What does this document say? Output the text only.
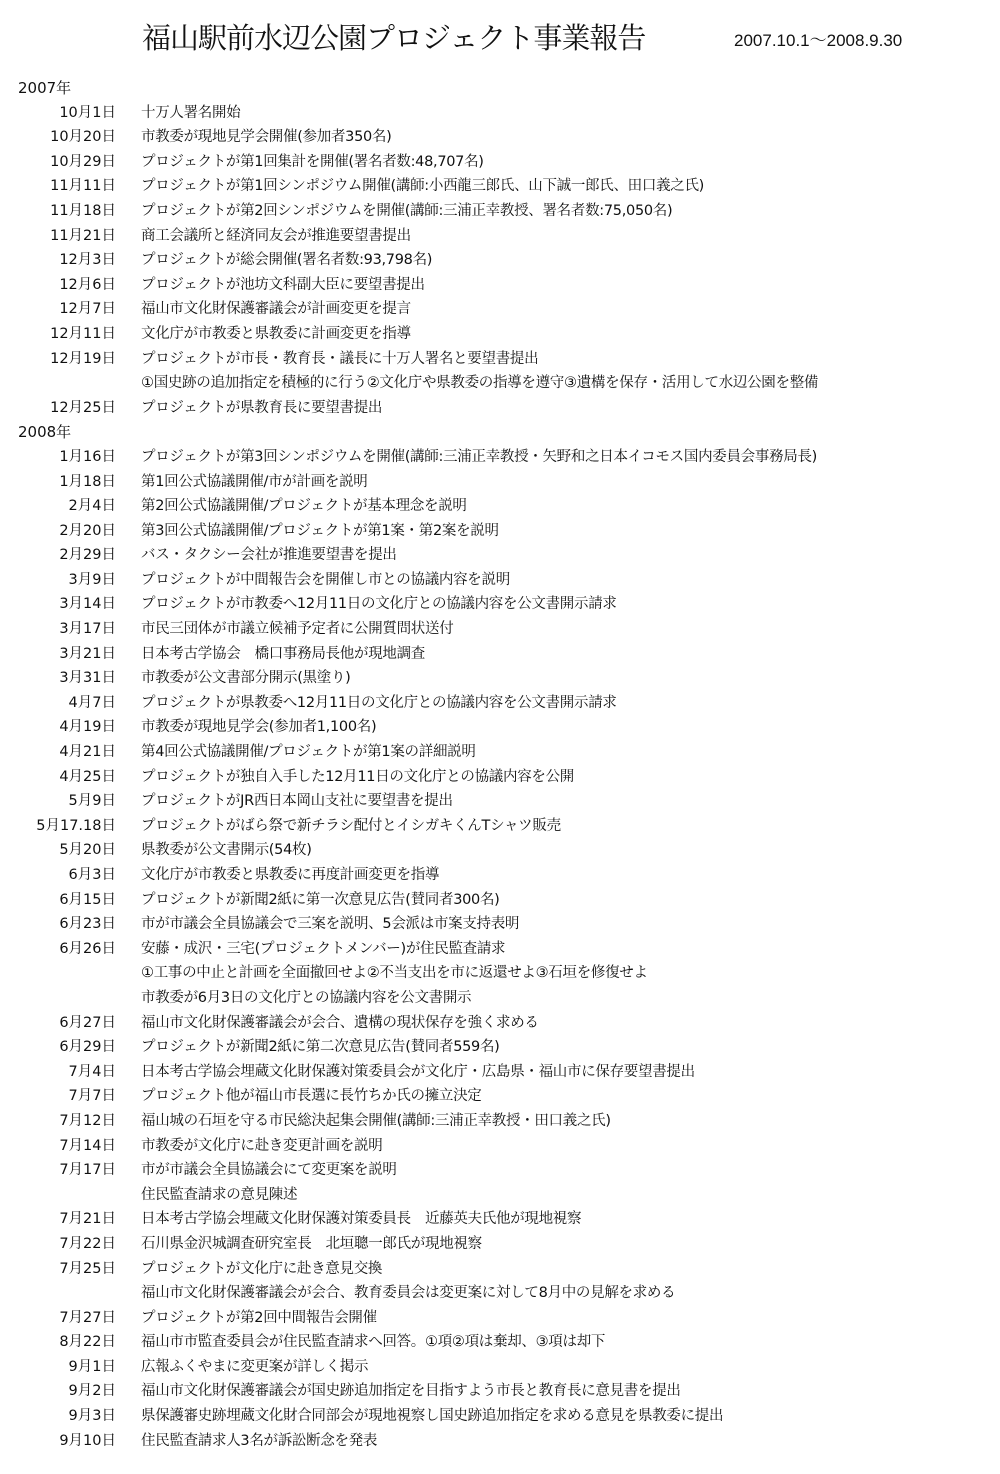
福山駅前水辺公園プロジェクト事業報告	2007.10.1～2008.9.30
2007年
10月1日 十万人署名開始
10月20日 市教委が現地見学会開催(参加者350名)
10月29日 プロジェクトが第1回集計を開催(署名者数:48,707名)
11月11日 プロジェクトが第1回シンポジウム開催(講師:小西龍三郎氏、山下誠一郎氏、田口義之氏)
11月18日 プロジェクトが第2回シンポジウムを開催(講師:三浦正幸教授、署名者数:75,050名)
11月21日 商工会議所と経済同友会が推進要望書提出
12月3日 プロジェクトが総会開催(署名者数:93,798名)
12月6日 プロジェクトが池坊文科副大臣に要望書提出
12月7日 福山市文化財保護審議会が計画変更を提言
12月11日 文化庁が市教委と県教委に計画変更を指導
12月19日 プロジェクトが市長・教育長・議長に十万人署名と要望書提出
①国史跡の追加指定を積極的に行う②文化庁や県教委の指導を遵守③遺構を保存・活用して水辺公園を整備
12月25日 プロジェクトが県教育長に要望書提出
2008年
1月16日 プロジェクトが第3回シンポジウムを開催(講師:三浦正幸教授・矢野和之日本イコモス国内委員会事務局長)
1月18日 第1回公式協議開催/市が計画を説明
2月4日 第2回公式協議開催/プロジェクトが基本理念を説明
2月20日 第3回公式協議開催/プロジェクトが第1案・第2案を説明
2月29日 バス・タクシー会社が推進要望書を提出
3月9日 プロジェクトが中間報告会を開催し市との協議内容を説明
3月14日 プロジェクトが市教委へ12月11日の文化庁との協議内容を公文書開示請求
3月17日 市民三団体が市議立候補予定者に公開質問状送付
3月21日 日本考古学協会　橋口事務局長他が現地調査
3月31日 市教委が公文書部分開示(黒塗り)
4月7日 プロジェクトが県教委へ12月11日の文化庁との協議内容を公文書開示請求
4月19日 市教委が現地見学会(参加者1,100名)
4月21日 第4回公式協議開催/プロジェクトが第1案の詳細説明
4月25日 プロジェクトが独自入手した12月11日の文化庁との協議内容を公開
5月9日 プロジェクトがJR西日本岡山支社に要望書を提出
5月17.18日 プロジェクトがばら祭で新チラシ配付とイシガキくんTシャツ販売
5月20日 県教委が公文書開示(54枚)
6月3日 文化庁が市教委と県教委に再度計画変更を指導
6月15日 プロジェクトが新聞2紙に第一次意見広告(賛同者300名)
6月23日 市が市議会全員協議会で三案を説明、5会派は市案支持表明
6月26日 安藤・成沢・三宅(プロジェクトメンバー)が住民監査請求
①工事の中止と計画を全面撤回せよ②不当支出を市に返還せよ③石垣を修復せよ
市教委が6月3日の文化庁との協議内容を公文書開示
6月27日 福山市文化財保護審議会が会合、遺構の現状保存を強く求める
6月29日 プロジェクトが新聞2紙に第二次意見広告(賛同者559名)
7月4日 日本考古学協会埋蔵文化財保護対策委員会が文化庁・広島県・福山市に保存要望書提出
7月7日 プロジェクト他が福山市長選に長竹ちか氏の擁立決定
7月12日 福山城の石垣を守る市民総決起集会開催(講師:三浦正幸教授・田口義之氏)
7月14日 市教委が文化庁に赴き変更計画を説明
7月17日 市が市議会全員協議会にて変更案を説明
住民監査請求の意見陳述
7月21日 日本考古学協会埋蔵文化財保護対策委員長　近藤英夫氏他が現地視察
7月22日 石川県金沢城調査研究室長　北垣聰一郎氏が現地視察
7月25日 プロジェクトが文化庁に赴き意見交換
福山市文化財保護審議会が会合、教育委員会は変更案に対して8月中の見解を求める
7月27日 プロジェクトが第2回中間報告会開催
8月22日 福山市市監査委員会が住民監査請求へ回答。①項②項は棄却、③項は却下
9月1日 広報ふくやまに変更案が詳しく掲示
9月2日 福山市文化財保護審議会が国史跡追加指定を目指すよう市長と教育長に意見書を提出
9月3日 県保護審史跡埋蔵文化財合同部会が現地視察し国史跡追加指定を求める意見を県教委に提出
9月10日 住民監査請求人3名が訴訟断念を発表
